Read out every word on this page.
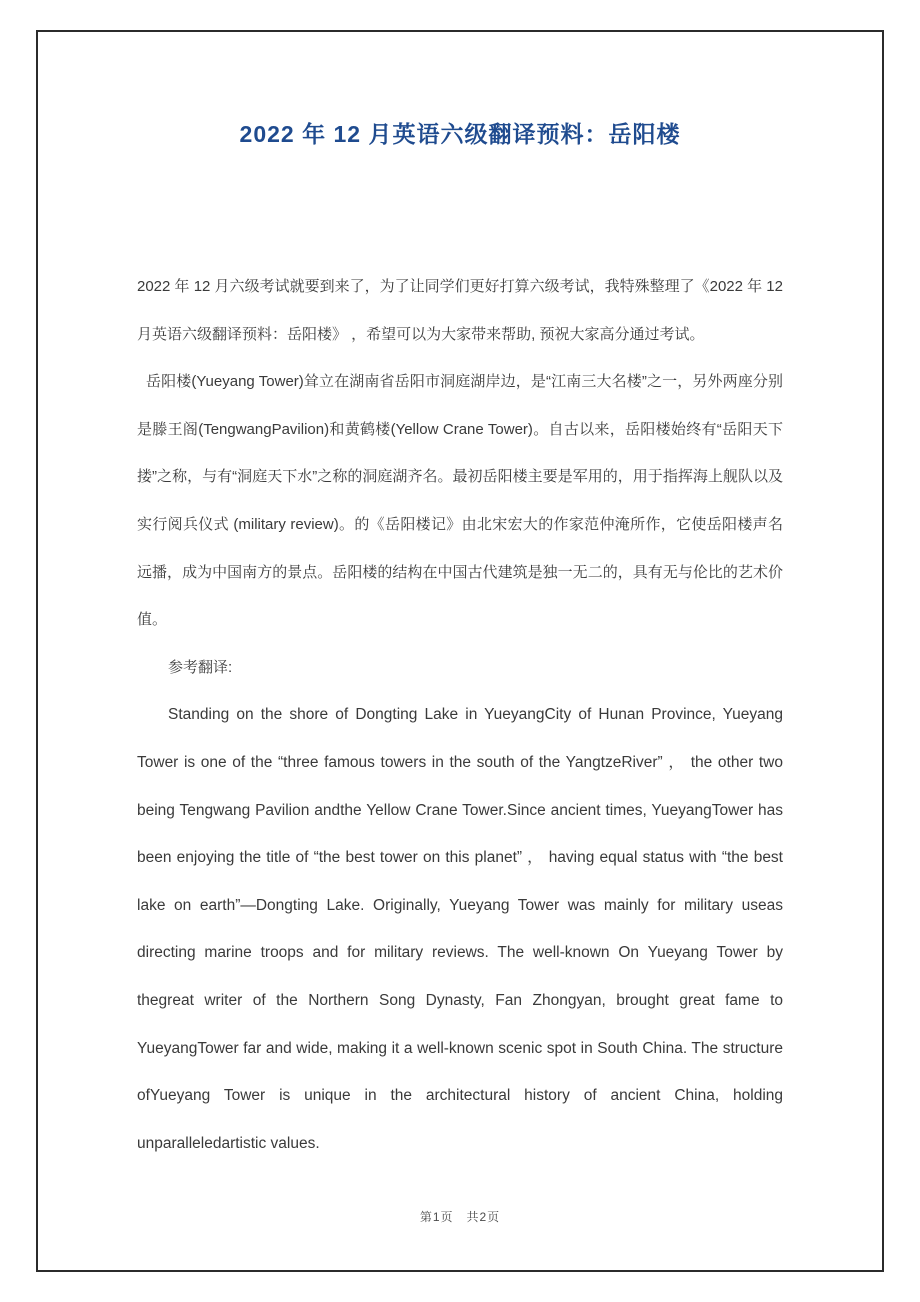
2022 年 12 月英语六级翻译预料：岳阳楼

2022 年 12 月六级考试就要到来了，为了让同学们更好打算六级考试，我特殊整理了《2022 年 12 月英语六级翻译预料：岳阳楼》 ，希望可以为大家带来帮助, 预祝大家高分通过考试。

岳阳楼(Yueyang Tower)耸立在湖南省岳阳市洞庭湖岸边，是“江南三大名楼”之一，另外两座分别是滕王阁(TengwangPavilion)和黄鹤楼(Yellow Crane Tower)。自古以来，岳阳楼始终有“岳阳天下搂”之称，与有“洞庭天下水”之称的洞庭湖齐名。最初岳阳楼主要是军用的，用于指挥海上舰队以及实行阅兵仪式 (military review)。的《岳阳楼记》由北宋宏大的作家范仲淹所作，它使岳阳楼声名远播，成为中国南方的景点。岳阳楼的结构在中国古代建筑是独一无二的，具有无与伦比的艺术价值。

参考翻译:

Standing on the shore of Dongting Lake in YueyangCity of Hunan Province, Yueyang Tower is one of the “three famous towers in the south of the YangtzeRiver” ， the other two being Tengwang Pavilion andthe Yellow Crane Tower.Since ancient times, YueyangTower has been enjoying the title of “the best tower on this planet” ， having equal status with “the best lake on earth”—Dongting Lake. Originally, Yueyang Tower was mainly for military useas directing marine troops and for military reviews. The well-known On Yueyang Tower by thegreat writer of the Northern Song Dynasty, Fan Zhongyan, brought great fame to YueyangTower far and wide, making it a well-known scenic spot in South China. The structure ofYueyang Tower is unique in the architectural history of ancient China, holding unparalleledartistic values.

第1页　共2页
